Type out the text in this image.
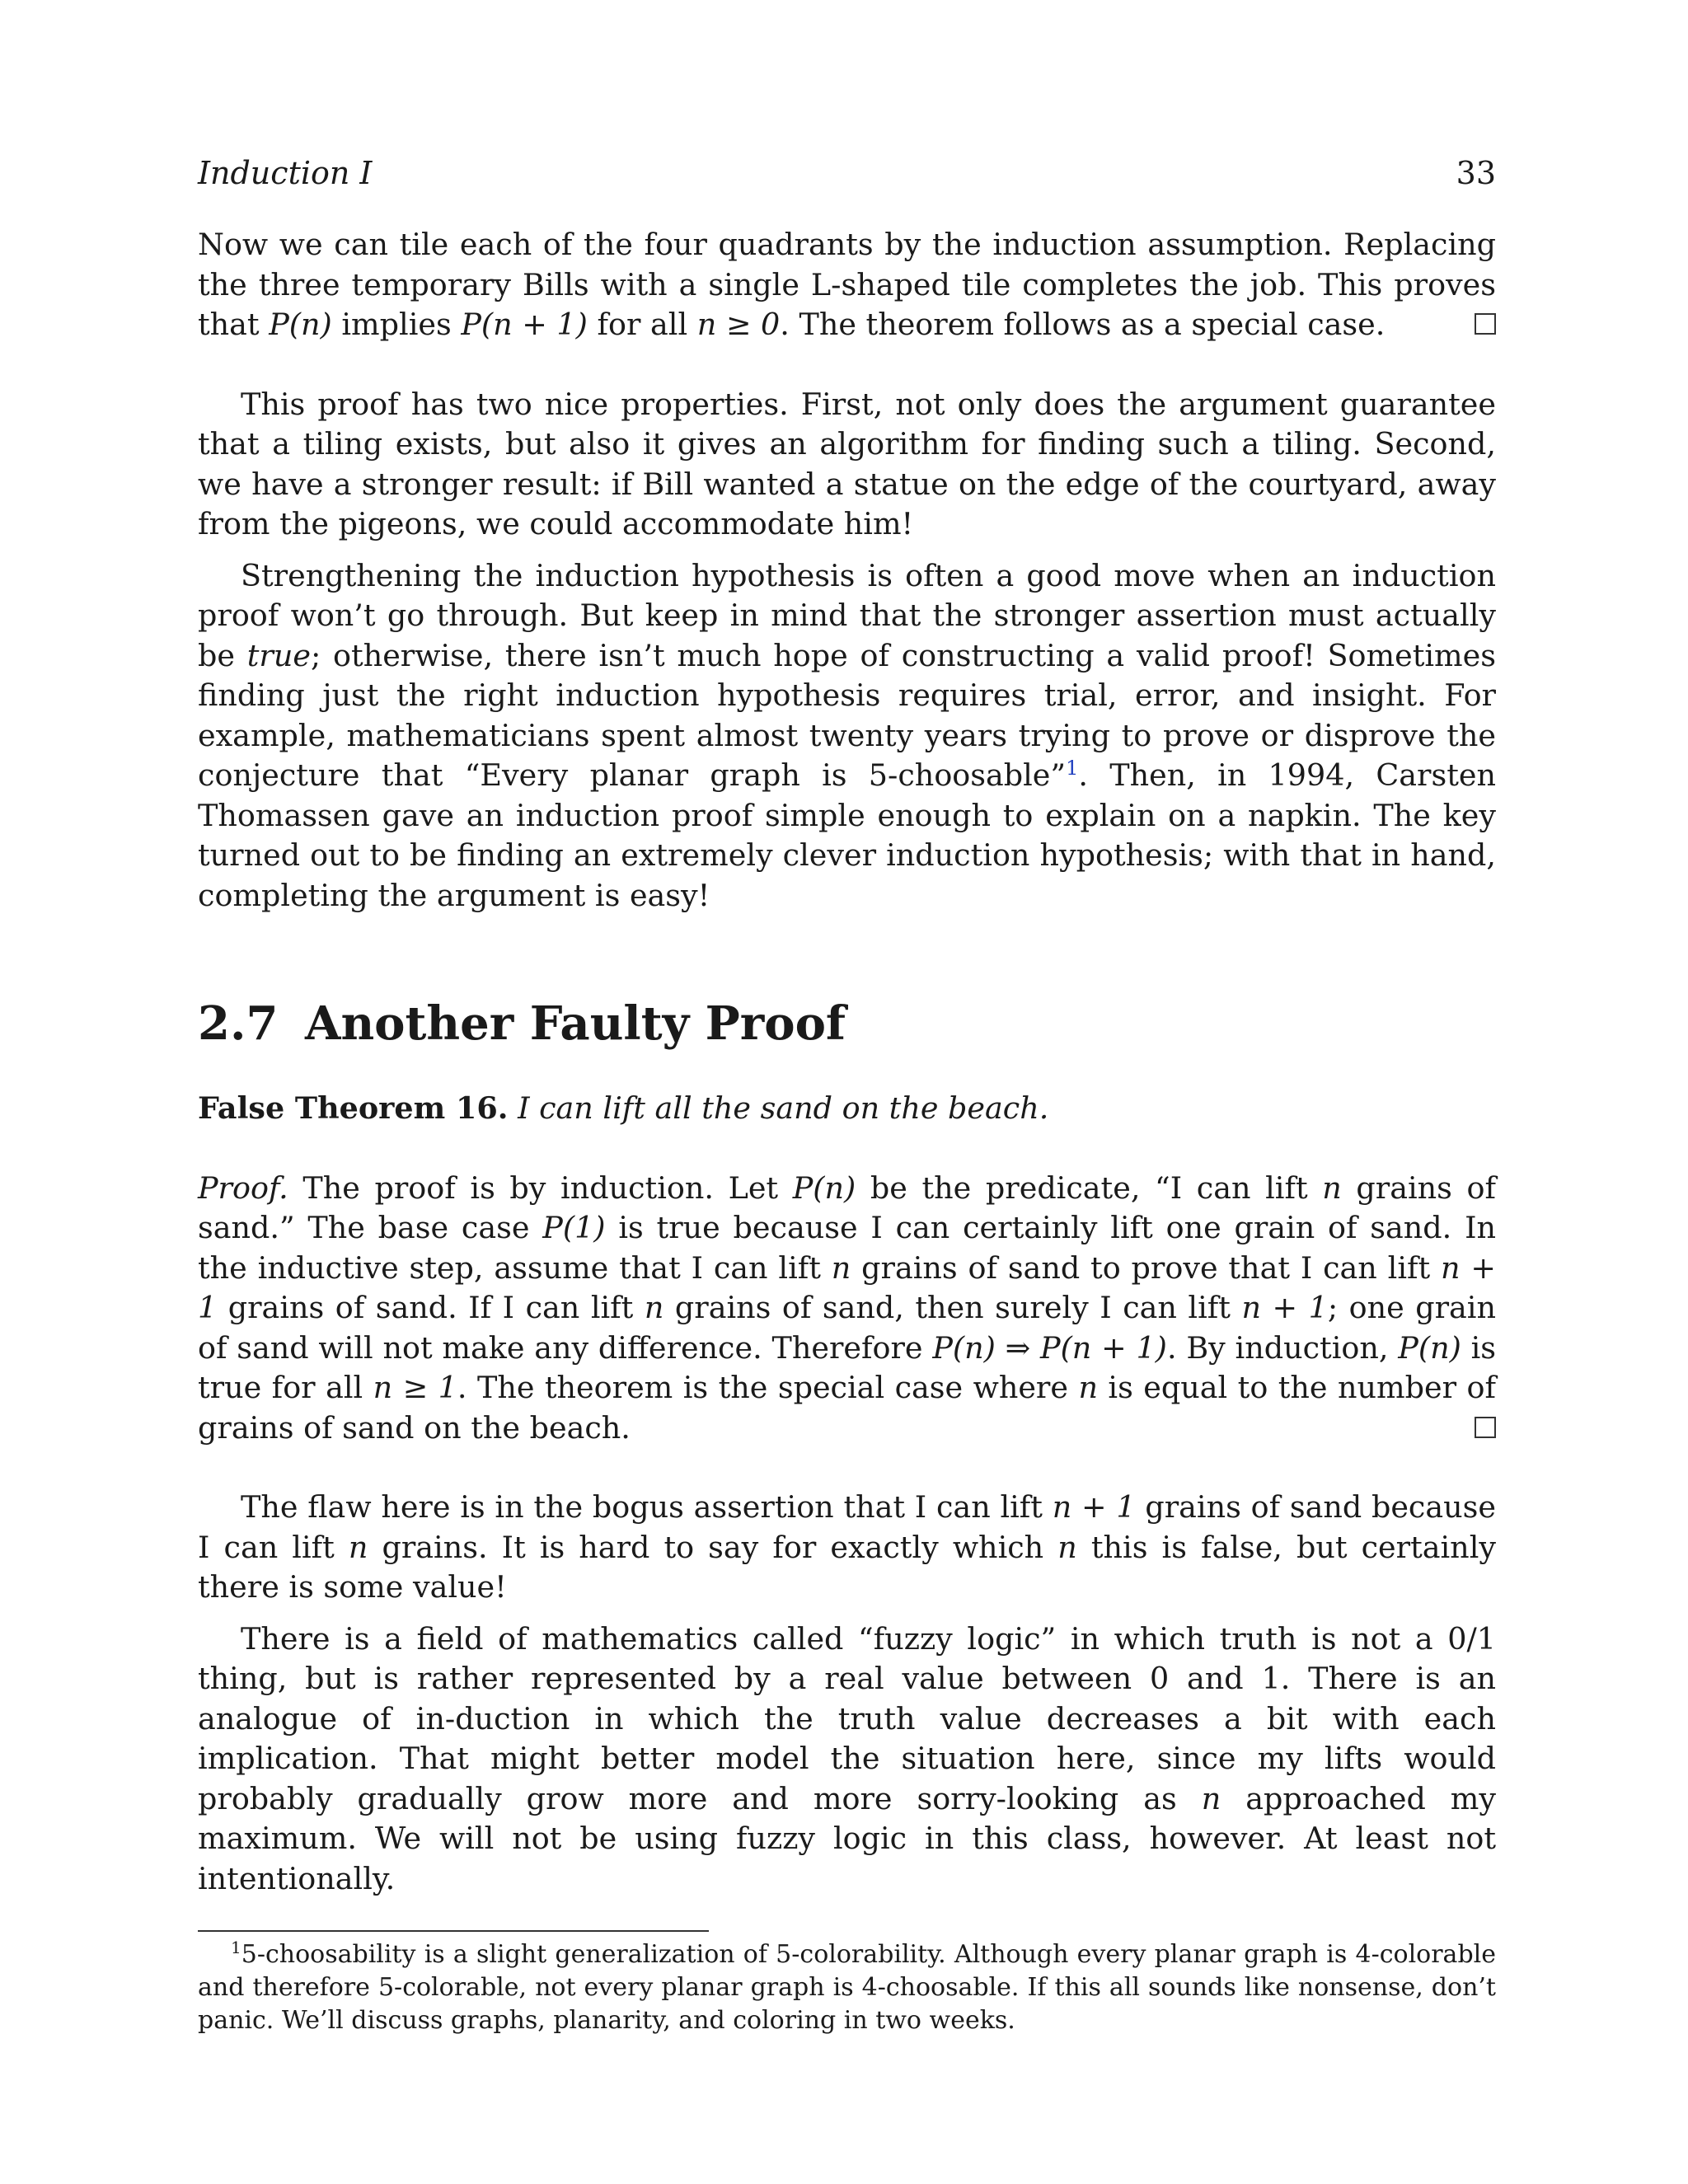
Induction I	33

Now we can tile each of the four quadrants by the induction assumption. Replacing the three temporary Bills with a single L-shaped tile completes the job. This proves that P(n) implies P(n + 1) for all n ≥ 0. The theorem follows as a special case.

This proof has two nice properties. First, not only does the argument guarantee that a tiling exists, but also it gives an algorithm for finding such a tiling. Second, we have a stronger result: if Bill wanted a statue on the edge of the courtyard, away from the pigeons, we could accommodate him!

Strengthening the induction hypothesis is often a good move when an induction proof won’t go through. But keep in mind that the stronger assertion must actually be true; otherwise, there isn’t much hope of constructing a valid proof! Sometimes finding just the right induction hypothesis requires trial, error, and insight. For example, mathematicians spent almost twenty years trying to prove or disprove the conjecture that “Every planar graph is 5-choosable”$^1$. Then, in 1994, Carsten Thomassen gave an induction proof simple enough to explain on a napkin. The key turned out to be finding an extremely clever induction hypothesis; with that in hand, completing the argument is easy!

2.7 Another Faulty Proof

False Theorem 16. I can lift all the sand on the beach.

Proof. The proof is by induction. Let P(n) be the predicate, “I can lift n grains of sand.” The base case P(1) is true because I can certainly lift one grain of sand. In the inductive step, assume that I can lift n grains of sand to prove that I can lift n + 1 grains of sand. If I can lift n grains of sand, then surely I can lift n + 1; one grain of sand will not make any difference. Therefore P(n) ⇒ P(n + 1). By induction, P(n) is true for all n ≥ 1. The theorem is the special case where n is equal to the number of grains of sand on the beach.

The flaw here is in the bogus assertion that I can lift n + 1 grains of sand because I can lift n grains. It is hard to say for exactly which n this is false, but certainly there is some value!

There is a field of mathematics called “fuzzy logic” in which truth is not a 0/1 thing, but is rather represented by a real value between 0 and 1. There is an analogue of in-duction in which the truth value decreases a bit with each implication. That might better model the situation here, since my lifts would probably gradually grow more and more sorry-looking as n approached my maximum. We will not be using fuzzy logic in this class, however. At least not intentionally.

$^1$5-choosability is a slight generalization of 5-colorability. Although every planar graph is 4-colorable and therefore 5-colorable, not every planar graph is 4-choosable. If this all sounds like nonsense, don’t panic. We’ll discuss graphs, planarity, and coloring in two weeks.
